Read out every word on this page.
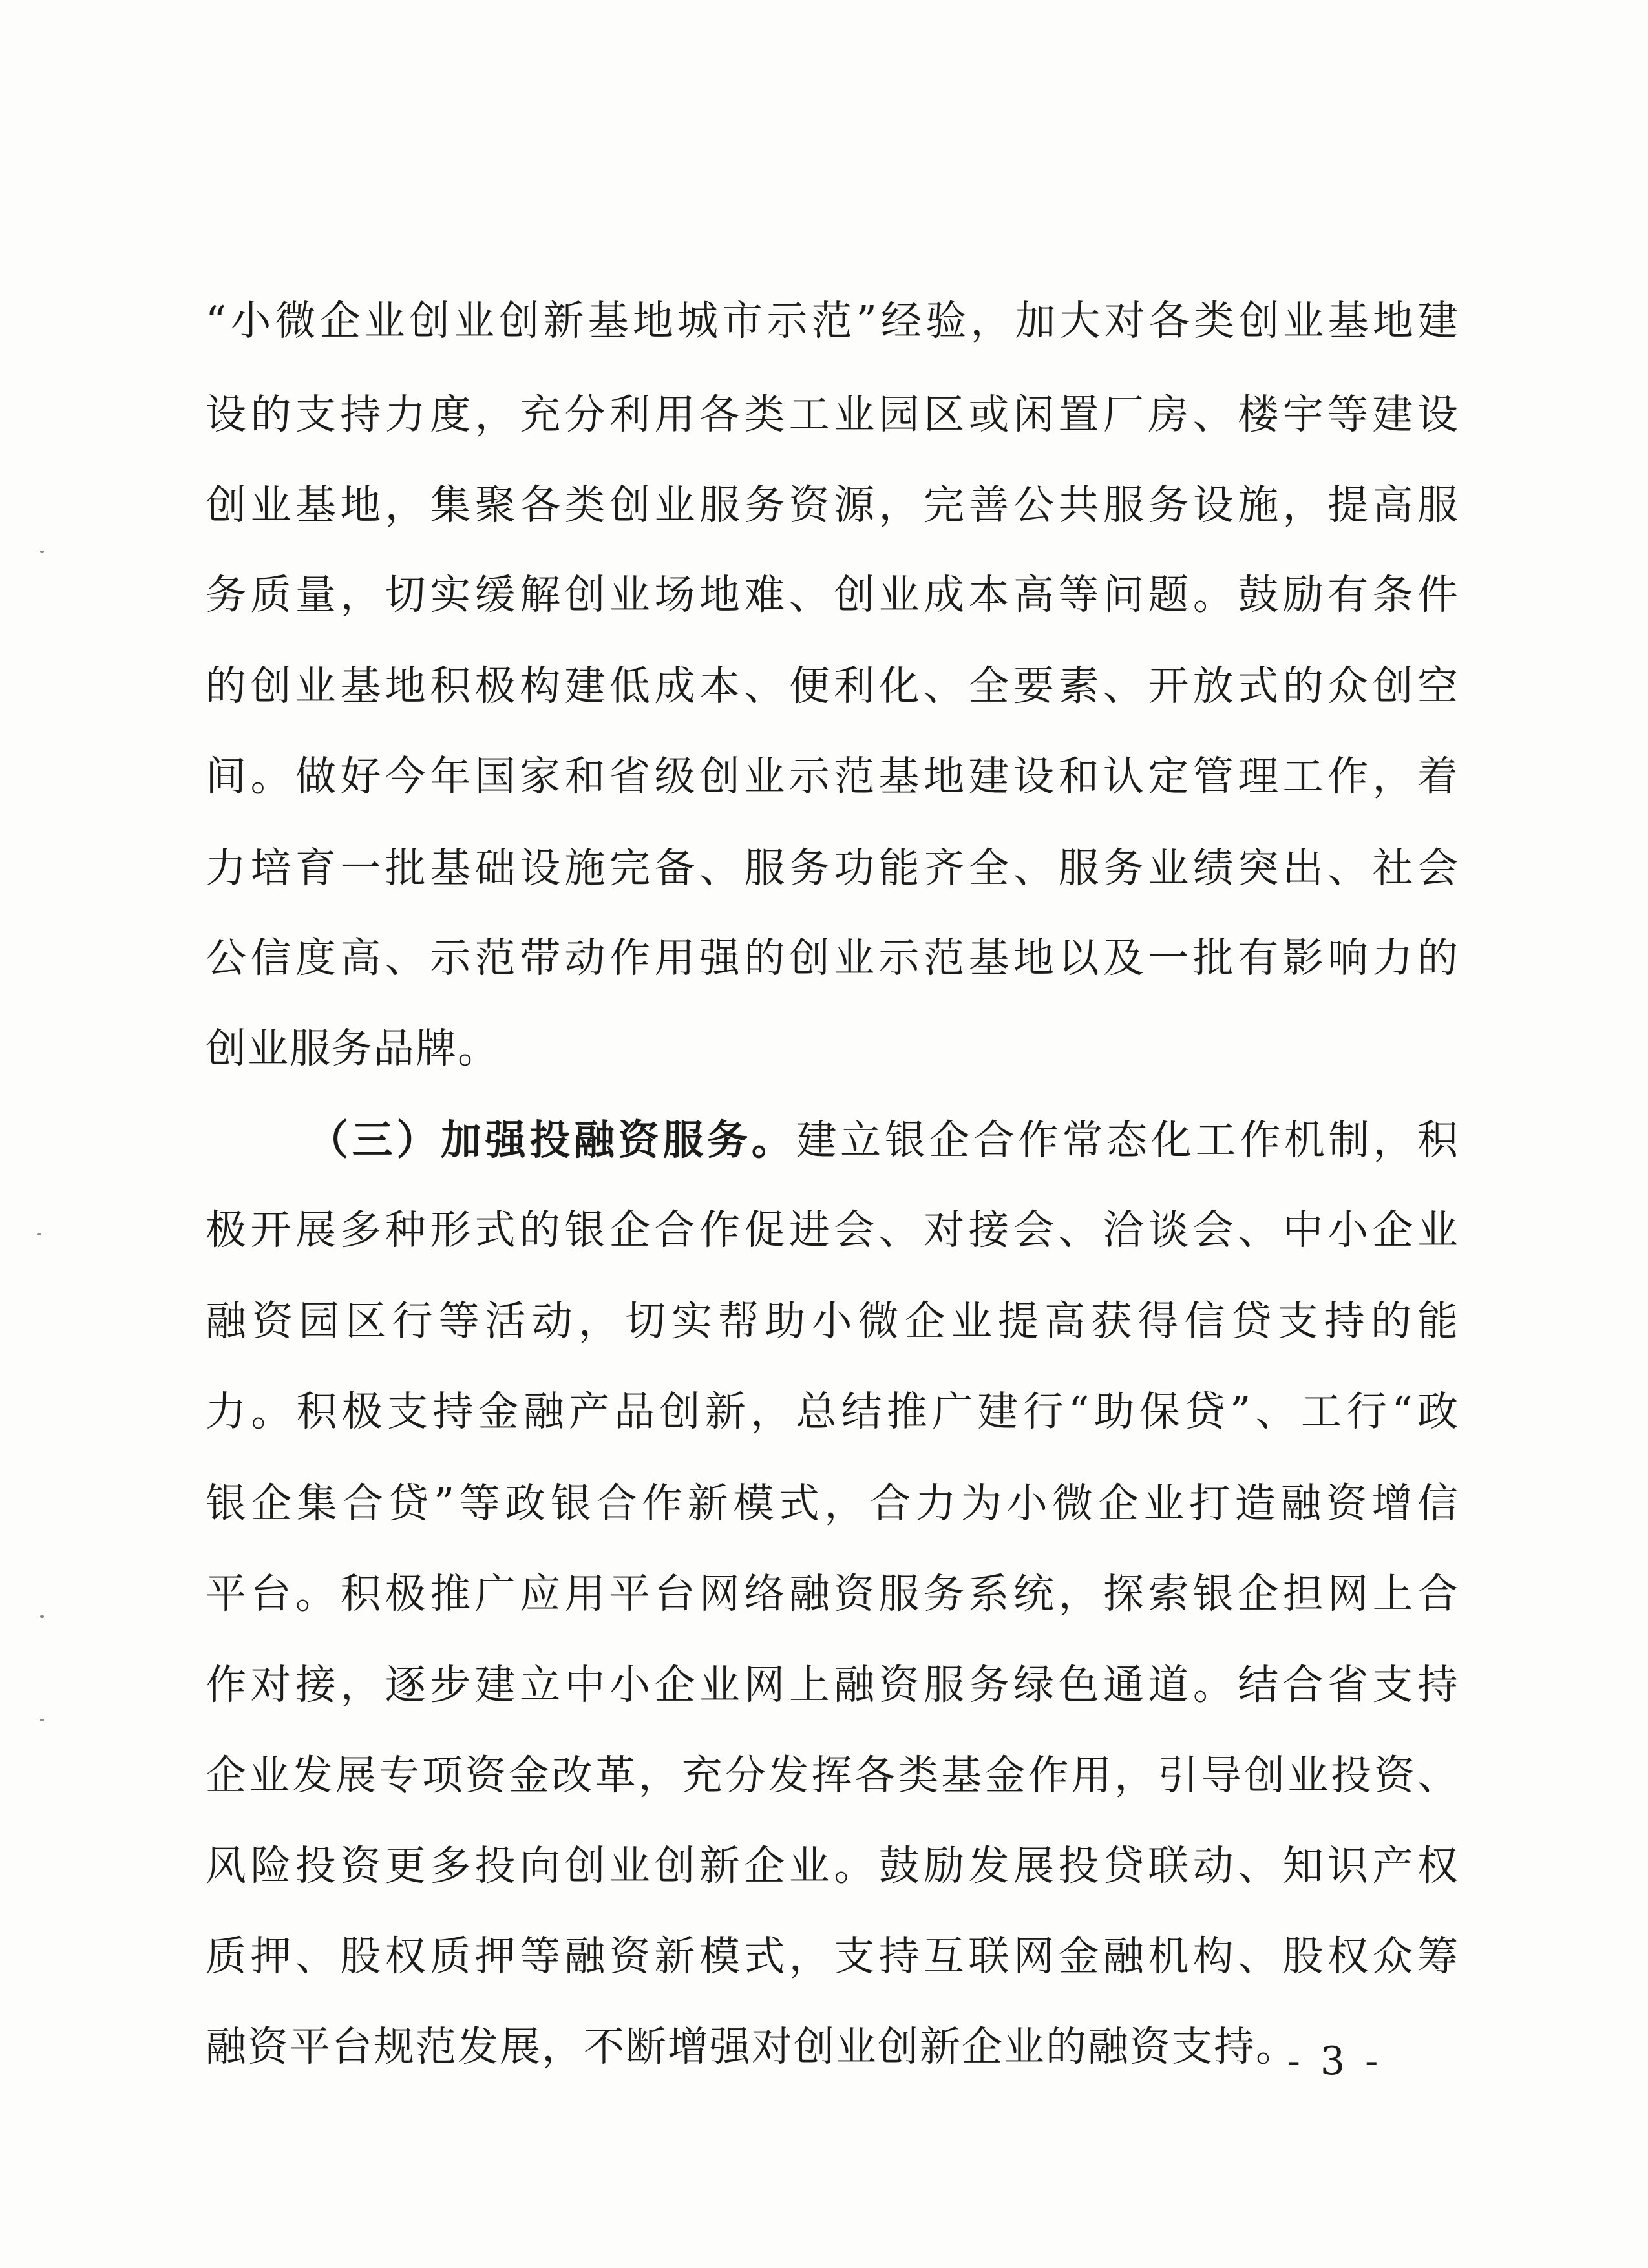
“小微企业创业创新基地城市示范”经验，加大对各类创业基地建
设的支持力度，充分利用各类工业园区或闲置厂房、楼宇等建设
创业基地，集聚各类创业服务资源，完善公共服务设施，提高服
务质量，切实缓解创业场地难、创业成本高等问题。鼓励有条件
的创业基地积极构建低成本、便利化、全要素、开放式的众创空
间。做好今年国家和省级创业示范基地建设和认定管理工作，着
力培育一批基础设施完备、服务功能齐全、服务业绩突出、社会
公信度高、示范带动作用强的创业示范基地以及一批有影响力的
创业服务品牌。
（三）加强投融资服务。建立银企合作常态化工作机制，积
极开展多种形式的银企合作促进会、对接会、洽谈会、中小企业
融资园区行等活动，切实帮助小微企业提高获得信贷支持的能
力。积极支持金融产品创新，总结推广建行“助保贷”、工行“政
银企集合贷”等政银合作新模式，合力为小微企业打造融资增信
平台。积极推广应用平台网络融资服务系统，探索银企担网上合
作对接，逐步建立中小企业网上融资服务绿色通道。结合省支持
企业发展专项资金改革，充分发挥各类基金作用，引导创业投资、
风险投资更多投向创业创新企业。鼓励发展投贷联动、知识产权
质押、股权质押等融资新模式，支持互联网金融机构、股权众筹
融资平台规范发展，不断增强对创业创新企业的融资支持。
- 3 -
